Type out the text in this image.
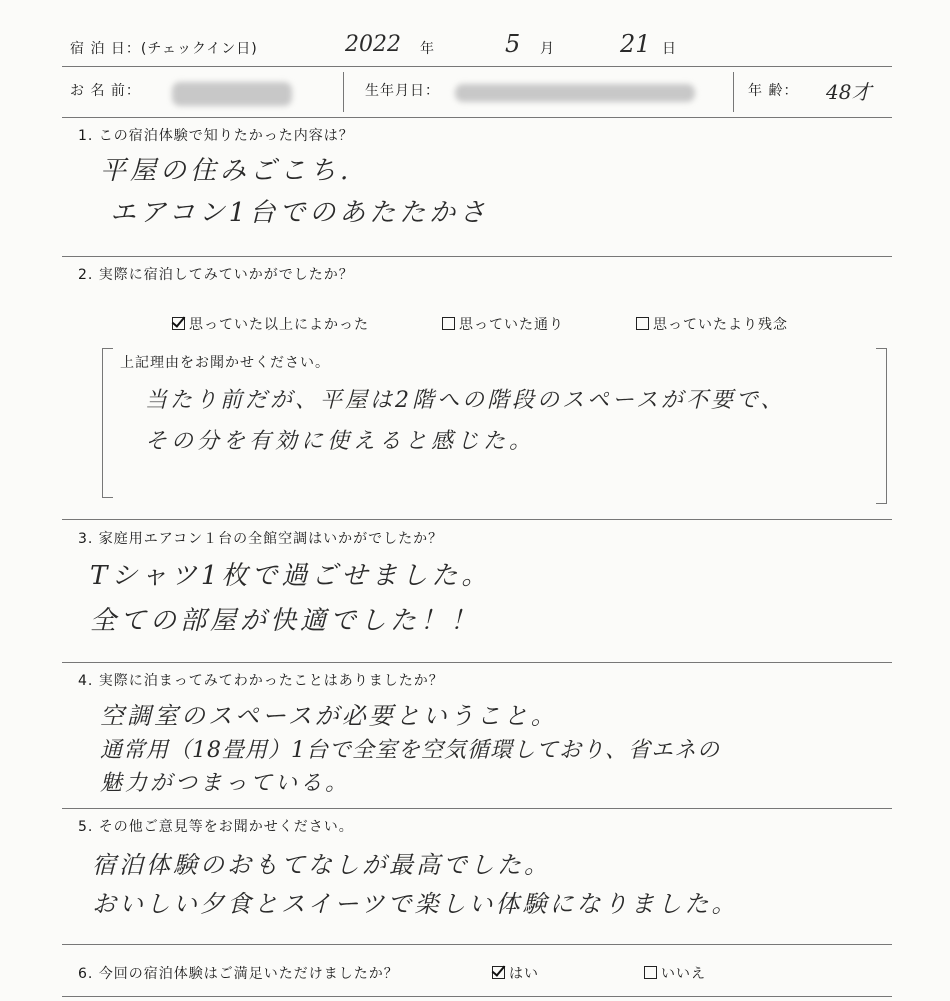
宿 泊 日：(チェックイン日)	2022 年	5 月	21 日
お 名 前：	生年月日：	年 齢： 48才
1. この宿泊体験で知りたかった内容は？
平屋の住みごこち.
エアコン1台でのあたたかさ
2. 実際に宿泊してみていかがでしたか？
思っていた以上によかった	思っていた通り	思っていたより残念
上記理由をお聞かせください。
当たり前だが、平屋は2階への階段のスペースが不要で、
その分を有効に使えると感じた。
3. 家庭用エアコン１台の全館空調はいかがでしたか？
Tシャツ1枚で過ごせました。
全ての部屋が快適でした！！
4. 実際に泊まってみてわかったことはありましたか？
空調室のスペースが必要ということ。
通常用（18畳用）1台で全室を空気循環しており、省エネの
魅力がつまっている。
5. その他ご意見等をお聞かせください。
宿泊体験のおもてなしが最高でした。
おいしい夕食とスイーツで楽しい体験になりました。
6. 今回の宿泊体験はご満足いただけましたか？	はい	いいえ
